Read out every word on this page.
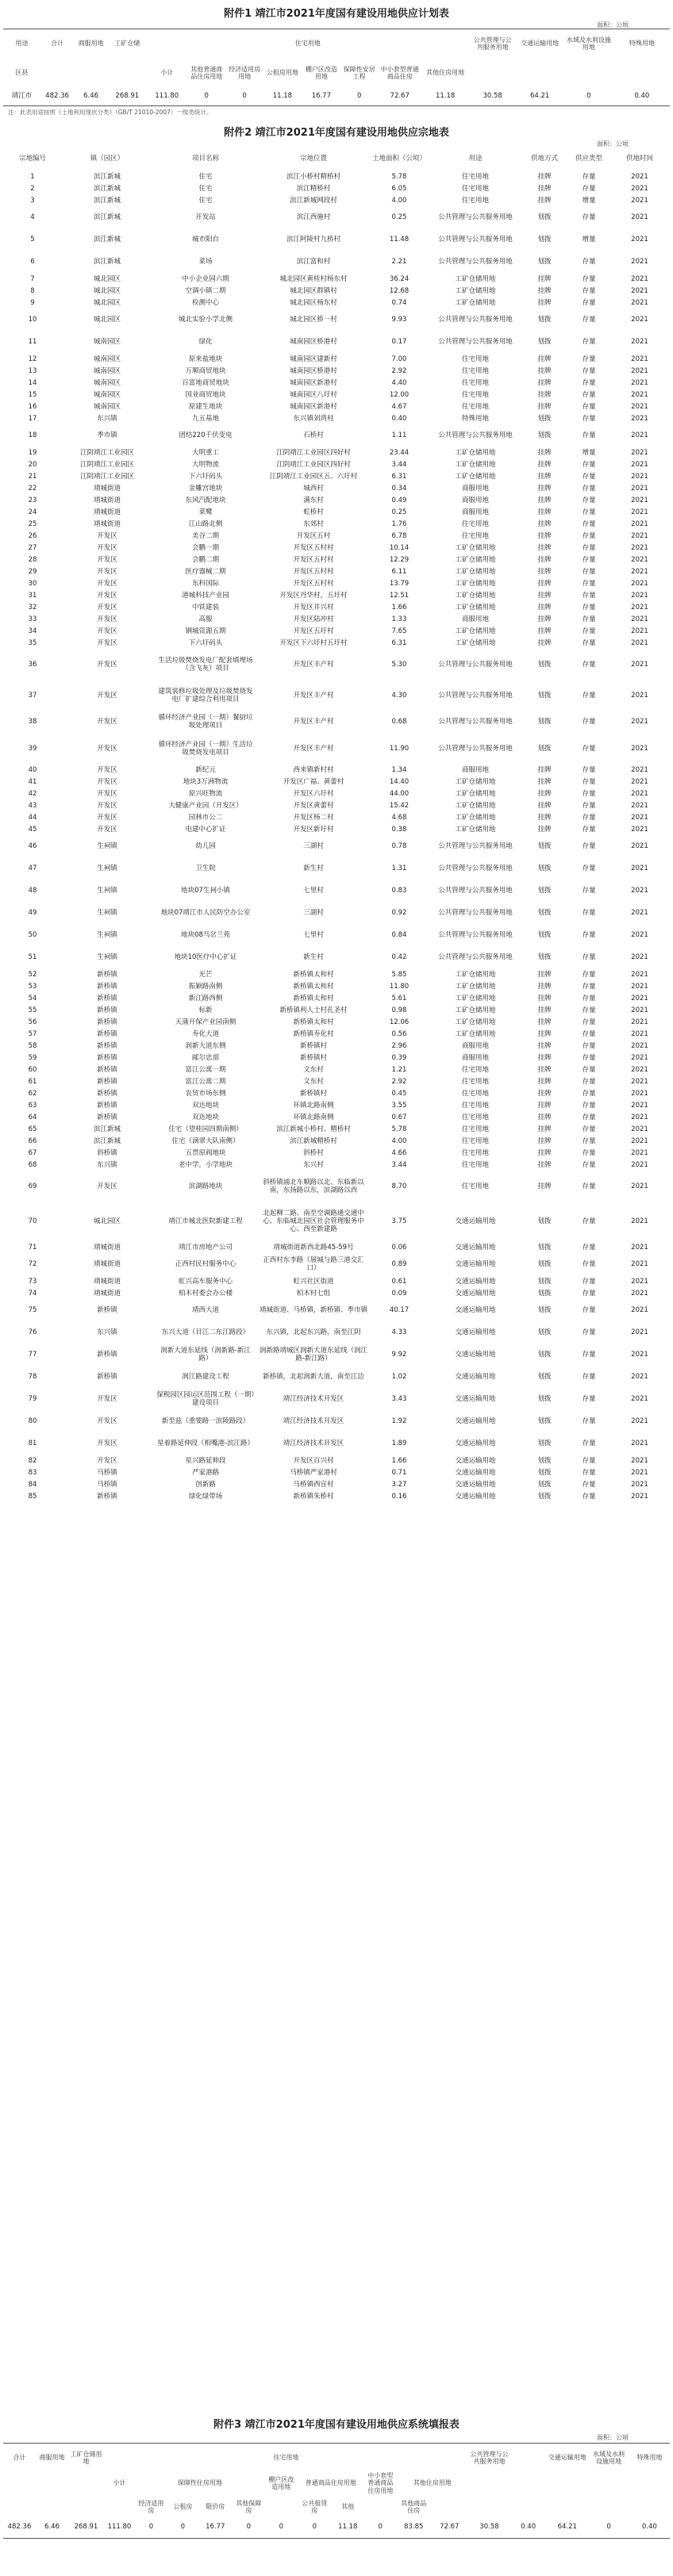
附件1 靖江市2021年度国有建设用地供应计划表
面积：公顷
用途	合计	商服用地	工矿仓储	住宅用地								公共管理与公共服务用地	交通运输用地	水域及水利设施用地	特殊用地
区县				小计	其他普通商品住房用地	经济适用房用地	公租房用地	棚户区改造用地	保障性安居工程	中小套型普通商品住房	其他住房用地				
靖江市	482.36	6.46	268.91	111.80	0	0	11.18	16.77	0	72.67	11.18	30.58	64.21	0	0.40
注：此表用途按照《土地利用现状分类》（GB/T 21010-2007）一级类统计。
附件2 靖江市2021年度国有建设用地供应宗地表
面积：公顷
宗地编号	镇（园区）	项目名称	宗地位置	土地面积（公顷）	用途	供地方式	供应类型	供地时间
1	滨江新城	住宅	滨江小桥村精桥村	5.78	住宅用地	挂牌	存量	2021
2	滨江新城	住宅	滨江精桥村	6.05	住宅用地	挂牌	存量	2021
3	滨江新城	住宅	滨江新城网段村	4.00	住宅用地	挂牌	增量	2021
4	滨江新城	开发站	滨江西施村	0.25	公共管理与公共服务用地	划拨	存量	2021
5	滨江新城	城市阳台	滨江阿陵村九桥村	11.48	公共管理与公共服务用地	划拨	增量	2021
6	滨江新城	菜场	滨江富和村	2.21	公共管理与公共服务用地	划拨	存量	2021
7	城北园区	中小企业园六期	城北园区黄桂村杨东村	36.24	工矿仓储用地	挂牌	存量	2021
8	城北园区	空调小镇二期	城北园区群镇村	12.68	工矿仓储用地	挂牌	存量	2021
9	城北园区	检测中心	城北园区杨东村	0.74	工矿仓储用地	挂牌	存量	2021
10	城北园区	城北实验小学北侧	城北园区桥一村	9.93	公共管理与公共服务用地	划拨	存量	2021
11	城南园区	绿化	城南园区桥港村	0.17	公共管理与公共服务用地	划拨	存量	2021
12	城南园区	原来盐地块	城南园区建新村	7.00	住宅用地	挂牌	存量	2021
13	城南园区	万顺商贸地块	城南园区桥港村	2.92	住宅用地	挂牌	存量	2021
14	城南园区	百富地商贸地块	城南园区新港村	4.40	住宅用地	挂牌	存量	2021
15	城南园区	国业商贸地块	城南园区八圩村	12.00	住宅用地	挂牌	存量	2021
16	城南园区	原建生地块	城南园区新港村	4.67	住宅用地	挂牌	存量	2021
17	东兴镇	九五基地	东兴镇刘湾村	0.40	特殊用地	划拨	存量	2021
18	季市镇	团结220千伏变电	石桥村	1.11	公共管理与公共服务用地	划拨	存量	2021
19	江阴靖江工业园区	大明重工	江阴靖江工业园区四好村	23.44	工矿仓储用地	挂牌	增量	2021
20	江阴靖江工业园区	大明物流	江阴靖江工业园区四好村	3.44	工矿仓储用地	挂牌	存量	2021
21	江阴靖江工业园区	下六圩码头	江阴靖江工业园区五、六圩村	6.31	工矿仓储用地	挂牌	存量	2021
22	靖城街道	金雕宫地块	城西村	0.34	商服用地	挂牌	存量	2021
23	靖城街道	东风汽配地块	满东村	0.49	商服用地	挂牌	存量	2021
24	靖城街道	菜鹭	虹桥村	0.25	商服用地	挂牌	存量	2021
25	靖城街道	江山路北侧	东郊村	1.76	住宅用地	挂牌	存量	2021
26	开发区	美谷二期	开发区五村	6.78	住宅用地	挂牌	存量	2021
27	开发区	会鹏一期	开发区五村村	10.14	工矿仓储用地	挂牌	存量	2021
28	开发区	会鹏二期	开发区五村村	12.29	工矿仓储用地	挂牌	存量	2021
29	开发区	医疗器械二期	开发区五村村	6.11	工矿仓储用地	挂牌	存量	2021
30	开发区	东科国际	开发区五村村	13.79	工矿仓储用地	挂牌	存量	2021
31	开发区	港城科技产业园	开发区丹华村，五圩村	12.51	工矿仓储用地	挂牌	存量	2021
32	开发区	中铁建装	开发区井兴村	1.66	工矿仓储用地	挂牌	存量	2021
33	开发区	高服	开发区陆冲村	1.33	商服用地	挂牌	存量	2021
34	开发区	钢城资源五期	开发区五圩村	7.65	工矿仓储用地	挂牌	存量	2021
35	开发区	下六圩码头	开发区下六圩村五圩村	6.31	工矿仓储用地	挂牌	存量	2021
36	开发区	生活垃圾焚烧发电厂配套填埋场（含飞灰）项目	开发区丰产村	5.30	公共管理与公共服务用地	划拨	存量	2021
37	开发区	建筑装修垃圾处理及垃圾焚烧发电厂扩建综合利用项目	开发区丰产村	4.30	公共管理与公共服务用地	划拨	存量	2021
38	开发区	循环经济产业园（一期）餐厨垃圾处理项目	开发区丰产村	0.68	公共管理与公共服务用地	划拨	存量	2021
39	开发区	循环经济产业园（一期）生活垃圾焚烧发电项目	开发区丰产村	11.90	公共管理与公共服务用地	划拨	存量	2021
40	开发区	新纪元	西来镇新村村	1.34	商服用地	挂牌	存量	2021
41	开发区	地块3万洲物流	开发区广福、黄蕾村	14.40	工矿仓储用地	挂牌	存量	2021
42	开发区	原兴旺物流	开发区六圩村	44.00	工矿仓储用地	挂牌	存量	2021
43	开发区	大健康产业园（开发区）	开发区黄蕾村	15.42	工矿仓储用地	挂牌	存量	2021
44	开发区	园林市公二	开发区杨二村	4.68	工矿仓储用地	挂牌	存量	2021
45	开发区	电建中心扩证	开发区新圩村	0.38	工矿仓储用地	挂牌	存量	2021
46	生祠镇	幼儿园	三湖村	0.78	公共管理与公共服务用地	划拨	存量	2021
47	生祠镇	卫生院	新生村	1.31	公共管理与公共服务用地	划拨	存量	2021
48	生祠镇	地块07生祠小镇	七里村	0.83	公共管理与公共服务用地	划拨	存量	2021
49	生祠镇	地块07靖江市人民防空办公室	三湖村	0.92	公共管理与公共服务用地	划拨	存量	2021
50	生祠镇	地块08马岔兰苑	七里村	0.84	公共管理与公共服务用地	划拨	存量	2021
51	生祠镇	地块10医疗中心扩证	新生村	0.42	公共管理与公共服务用地	划拨	存量	2021
52	新桥镇	光芒	新桥镇太和村	5.85	工矿仓储用地	挂牌	存量	2021
53	新桥镇	振颖路南侧	新桥镇太和村	11.80	工矿仓储用地	挂牌	存量	2021
54	新桥镇	新江路西侧	新桥镇太和村	5.61	工矿仓储用地	挂牌	存量	2021
55	新桥镇	标新	新桥镇利人士村孔圣村	0.98	工矿仓储用地	挂牌	存量	2021
56	新桥镇	天蒲开保产业园南侧	新桥镇太和村	12.06	工矿仓储用地	挂牌	存量	2021
57	新桥镇	寿化大道	新桥镇寿化村	0.56	工矿仓储用地	挂牌	存量	2021
58	新桥镇	润新大道东侧	新桥镇村	2.96	商服用地	挂牌	存量	2021
59	新桥镇	邮尔忠部	新桥镇村	0.39	商服用地	挂牌	存量	2021
60	新桥镇	富江公寓一期	文东村	1.21	住宅用地	挂牌	存量	2021
61	新桥镇	富江公寓二期	文东村	2.92	住宅用地	挂牌	存量	2021
62	新桥镇	农贸市场东侧	新桥镇村	0.45	住宅用地	挂牌	存量	2021
63	新桥镇	双达地块	环镇北路南侧	3.55	住宅用地	挂牌	存量	2021
64	新桥镇	双达地块	环镇北路南侧	0.67	住宅用地	挂牌	存量	2021
65	滨江新城	住宅（望桂园四期南侧）	滨江新城小桥村、精桥村	5.78	住宅用地	挂牌	存量	2021
66	滨江新城	住宅（滴翠大队南侧）	滨江新城精桥村	4.00	住宅用地	挂牌	存量	2021
67	斜桥镇	五贯原阀地块	斜桥村	4.66	住宅用地	挂牌	存量	2021
68	东兴镇	老中学，小学地块	东兴村	3.44	住宅用地	挂牌	存量	2021
69	开发区	滨湖路地块	斜桥镇浦北车顺路以北、东临新以南，东扬路以东，滨湖路以西	8.70	住宅用地	挂牌	存量	2021
70	城北园区	靖江市城北医院新建工程	北起柳二路、南至空调路通交通中心、东临城北园区社会管理服务中心、西至新建路	3.75	交通运输用地	划拨	存量	2021
71	靖城街道	靖江市房地产公司	靖城街道新西北路45-59号	0.06	交通运输用地	划拨	存量	2021
72	靖城街道	正西村民村服务中心	正西村东李路（展城与路三港交汇口）	0.89	交通运输用地	划拨	存量	2021
73	靖城街道	虹兴高车服务中心	虹兴社区街道	0.61	交通运输用地	划拨	存量	2021
74	靖城街道	柏木村委会办公楼	柏木村七组	0.09	交通运输用地	划拨	存量	2021
75	新桥镇	靖西大道	靖城街道、马桥镇，新桥镇、季市镇	40.17	交通运输用地	划拨	存量	2021
76	东兴镇	东兴大道（目江二东江路段）	东兴镇，北起东兴路，南至江阴	4.33	交通运输用地	划拨	存量	2021
77	新桥镇	润新大道东延线（润新路-新江路）	润新路靖城区润新大道东延线（润江路-新江路）	9.92	交通运输用地	划拨	存量	2021
78	新桥镇	润江路建设工程	新桥镇，北起润新大道，南至江边	1.02	交通运输用地	划拨	存量	2021
79	开发区	保税园区园运区范围工程（一期）建设项目	靖江经济技术开发区	3.43	交通运输用地	划拨	存量	2021
80	开发区	新至兹（重要路一滨陵路段）	靖江经济技术开发区	1.92	交通运输用地	划拨	存量	2021
81	开发区	星着路延伸段（相嘴港-滨江路）	靖江经济技术开发区	1.89	交通运输用地	划拨	存量	2021
82	开发区	星兴路延伸段	开发区百兴村	1.66	交通运输用地	划拨	存量	2021
83	马桥镇	严家港路	马桥镇严家港村	0.71	交通运输用地	划拨	存量	2021
84	马桥镇	创新路	马桥镇西宣村	3.27	交通运输用地	划拨	存量	2021
85	新桥镇	绿化绿带场	新桥镇朱桥村	0.16	交通运输用地	划拨	存量	2021
附件3 靖江市2021年度国有建设用地供应系统填报表
面积：公顷
合计	商服用地	工矿仓储用地	住宅用地											公共管理与公共服务用地		交通运输用地	水域及水利设施用地	特殊用地
			小计	保障性住房用地				棚户区改造用地	普通商品住房用地		中小套型普通商品住房用地	其他住房用地						
				经济适用房	公租房	限价房	其他保障房		公共租赁房	其他		其他商品住房						
482.36	6.46	268.91	111.80	0	0	16.77	0	0	0	11.18	0	83.85	72.67	30.58	0.40	64.21	0	0.40
